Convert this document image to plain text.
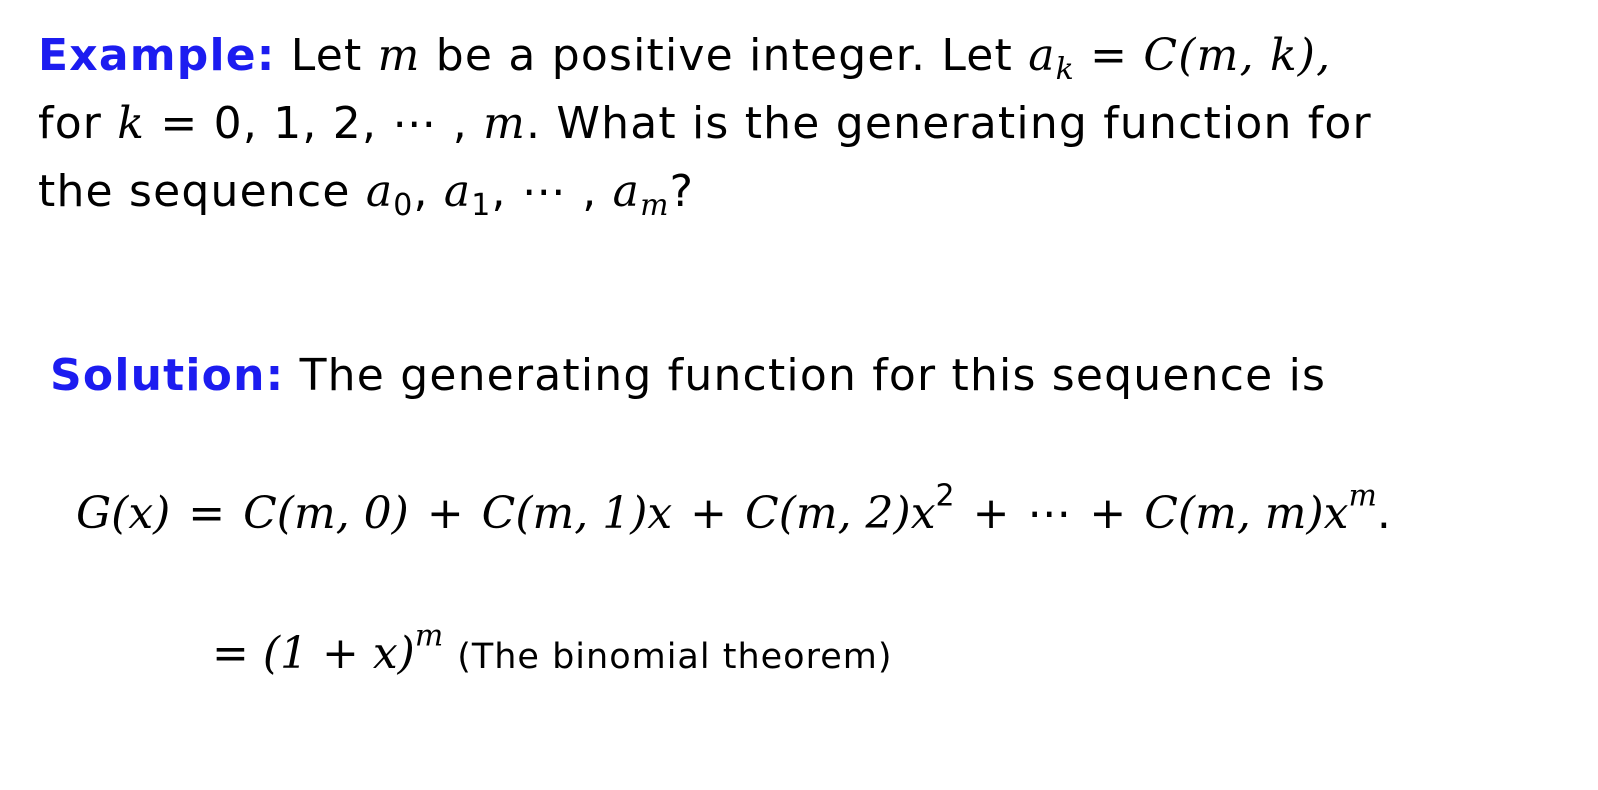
Example: Let m be a positive integer. Let $a_k = C(m$, k),
for k = 0, 1, 2, ⋯ , m. What is the generating function for
the sequence $a_0$, $a_1$, ⋯ , $a_m$?
Solution: The generating function for this sequence is
G(x) = C(m, 0) + C(m, 1)x + C(m, $2)x^2$ + ⋯ + C(m, $m)x^m$.
= $(1 + x)^m(The$ binomial theorem)
